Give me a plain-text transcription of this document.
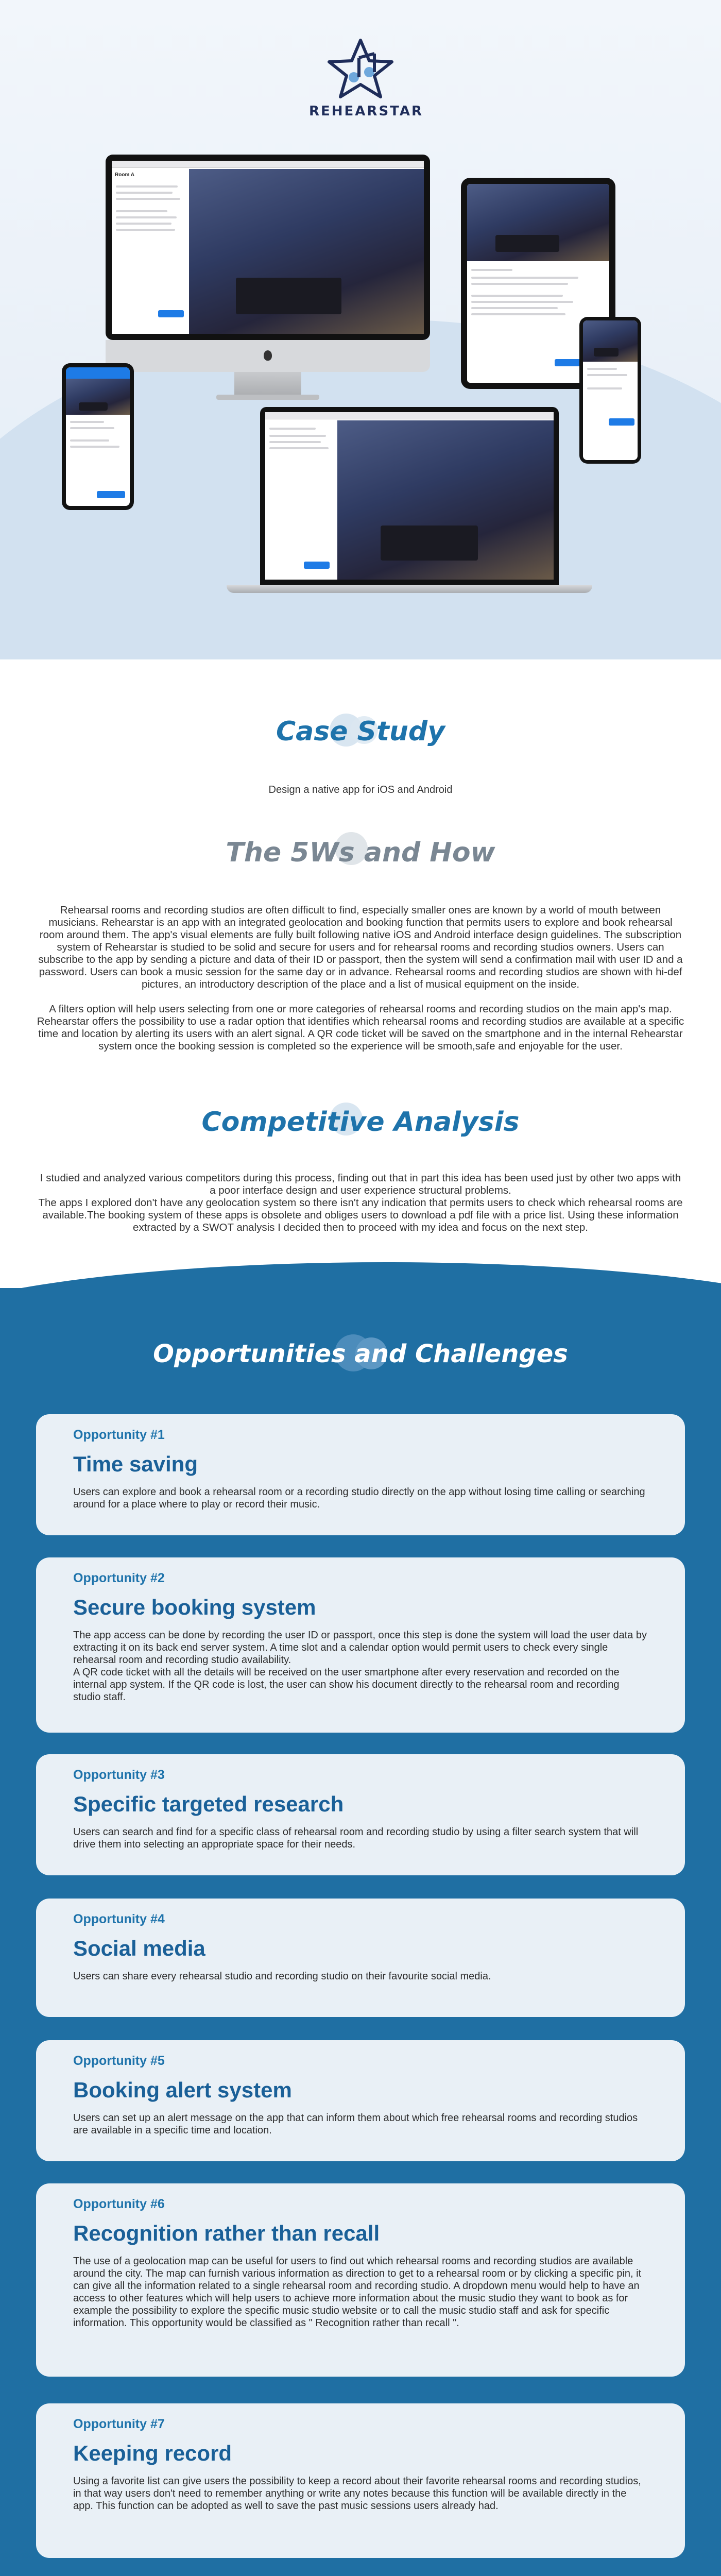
REHEARSTAR
Room A
Case Study
Design a native app for iOS and Android
The 5Ws and How
Rehearsal rooms and recording studios are often difficult to find, especially smaller ones are known by a world of mouth between musicians. Rehearstar is an app with an integrated geolocation and booking function that permits users to explore and book rehearsal room around them. The app's visual elements are fully built following native iOS and Android interface design guidelines. The subscription system of Rehearstar is studied to be solid and secure for users and for rehearsal rooms and recording studios owners. Users can subscribe to the app by sending a picture and data of their ID or passport, then the system will send a confirmation mail with user ID and a password. Users can book a music session for the same day or in advance. Rehearsal rooms and recording studios are shown with hi-def pictures, an introductory description of the place and a list of musical equipment on the inside.
A filters option will help users selecting from one or more categories of rehearsal rooms and recording studios on the main app's map. Rehearstar offers the possibility to use a radar option that identifies which rehearsal rooms and recording studios are available at a specific time and location by alerting its users with an alert signal. A QR code ticket will be saved on the smartphone and in the internal Rehearstar system once the booking session is completed so the experience will be smooth,safe and enjoyable for the user.
Competitive Analysis
I studied and analyzed various competitors during this process, finding out that in part this idea has been used just by other two apps with a poor interface design and user experience structural problems.
The apps I explored don't have any geolocation system so there isn't any indication that permits users to check which rehearsal rooms are available.The booking system of these apps is obsolete and obliges users to download a pdf file with a price list. Using these information extracted by a SWOT analysis I decided then to proceed with my idea and focus on the next step.
Opportunities and Challenges
Opportunity #1
Time saving
Users can explore and book a rehearsal room or a recording studio directly on the app without losing time calling or searching around for a place where to play or record their music.
Opportunity #2
Secure booking system
The app access can be done by recording the user ID or passport, once this step is done the system will load the user data by extracting it on its back end server system. A time slot and a calendar option would permit users to check every single rehearsal room and recording studio availability.
A QR code ticket with all the details will be received on the user smartphone after every reservation and recorded on the internal app system. If the QR code is lost, the user can show his document directly to the rehearsal room and recording studio staff.
Opportunity #3
Specific targeted research
Users can search and find for a specific class of rehearsal room and recording studio by using a filter search system that will drive them into selecting an appropriate space for their needs.
Opportunity #4
Social media
Users can share every rehearsal studio and recording studio on their favourite social media.
Opportunity #5
Booking alert system
Users can set up an alert message on the app that can inform them about which free rehearsal rooms and recording studios are available in a specific time and location.
Opportunity #6
Recognition rather than recall
The use of a geolocation map can be useful for users to find out which rehearsal rooms and recording studios are available around the city. The map can furnish various information as direction to get to a rehearsal room or by clicking a specific pin, it can give all the information related to a single rehearsal room and recording studio. A dropdown menu would help to have an access to other features which will help users to achieve more information about the music studio they want to book as for example the possibility to explore the specific music studio website or to call the music studio staff and ask for specific information. This opportunity would be classified as " Recognition rather than recall ".
Opportunity #7
Keeping record
Using a favorite list can give users the possibility to keep a record about their favorite rehearsal rooms and recording studios, in that way users don't need to remember anything or write any notes because this function will be available directly in the app. This function can be adopted as well to save the past music sessions users already had.
